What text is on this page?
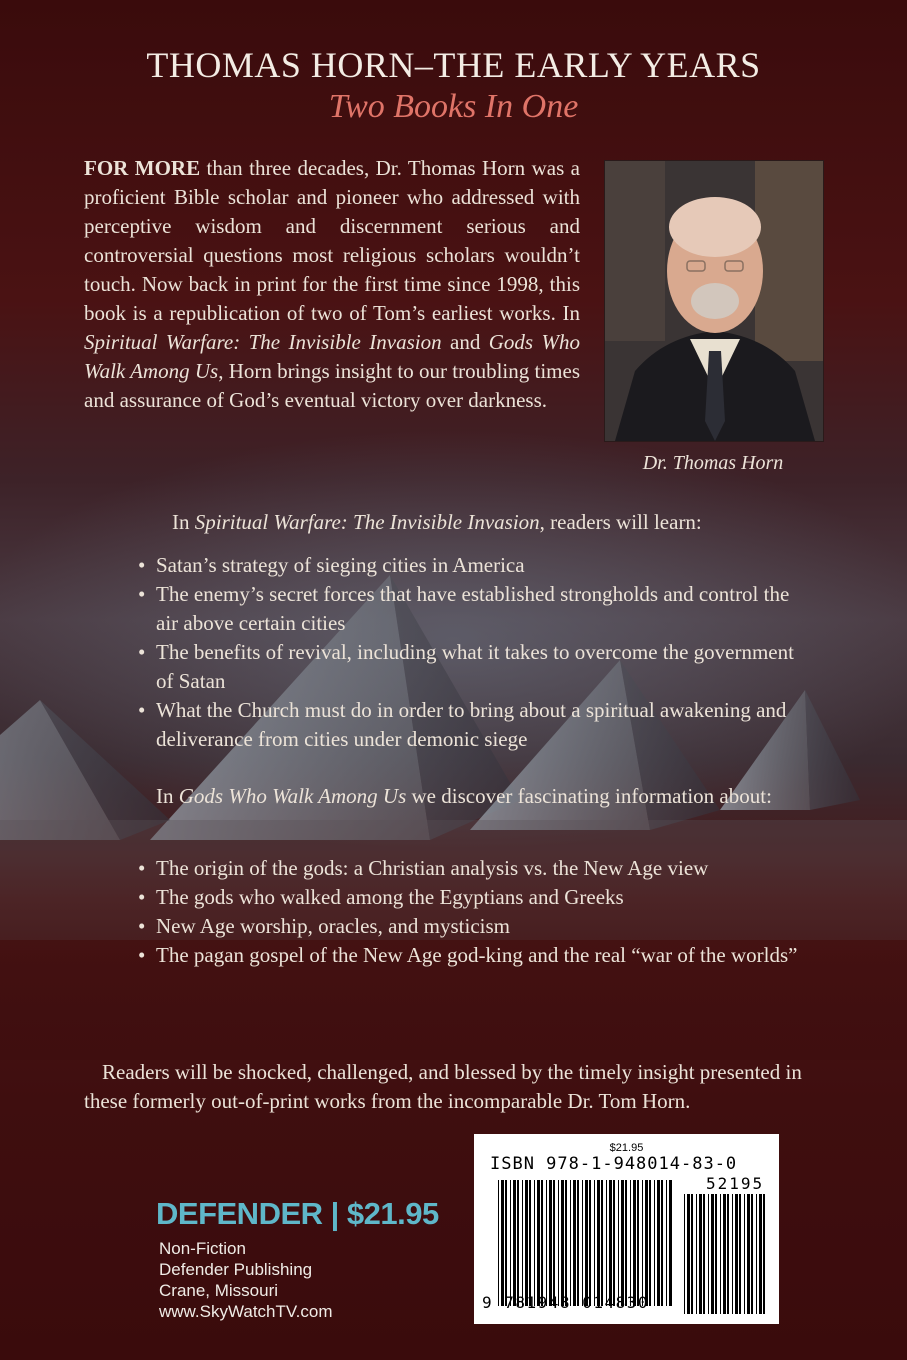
THOMAS HORN–THE EARLY YEARS
Two Books In One
FOR MORE than three decades, Dr. Thomas Horn was a proficient Bible scholar and pioneer who addressed with perceptive wisdom and discernment serious and controversial questions most religious scholars wouldn’t touch. Now back in print for the first time since 1998, this book is a republication of two of Tom’s earliest works. In Spiritual Warfare: The Invisible Invasion and Gods Who Walk Among Us, Horn brings insight to our troubling times and assurance of God’s eventual victory over darkness.
Dr. Thomas Horn
In Spiritual Warfare: The Invisible Invasion, readers will learn:
• Satan’s strategy of sieging cities in America
• The enemy’s secret forces that have established strongholds and control the air above certain cities
• The benefits of revival, including what it takes to overcome the government of Satan
• What the Church must do in order to bring about a spiritual awakening and deliverance from cities under demonic siege
In Gods Who Walk Among Us we discover fascinating information about:
• The origin of the gods: a Christian analysis vs. the New Age view
• The gods who walked among the Egyptians and Greeks
• New Age worship, oracles, and mysticism
• The pagan gospel of the New Age god-king and the real “war of the worlds”
Readers will be shocked, challenged, and blessed by the timely insight presented in these formerly out-of-print works from the incomparable Dr. Tom Horn.
DEFENDER | $21.95
Non-Fiction
Defender Publishing
Crane, Missouri
www.SkyWatchTV.com
$21.95
ISBN 978-1-948014-83-0
52195
9 781948 014830
